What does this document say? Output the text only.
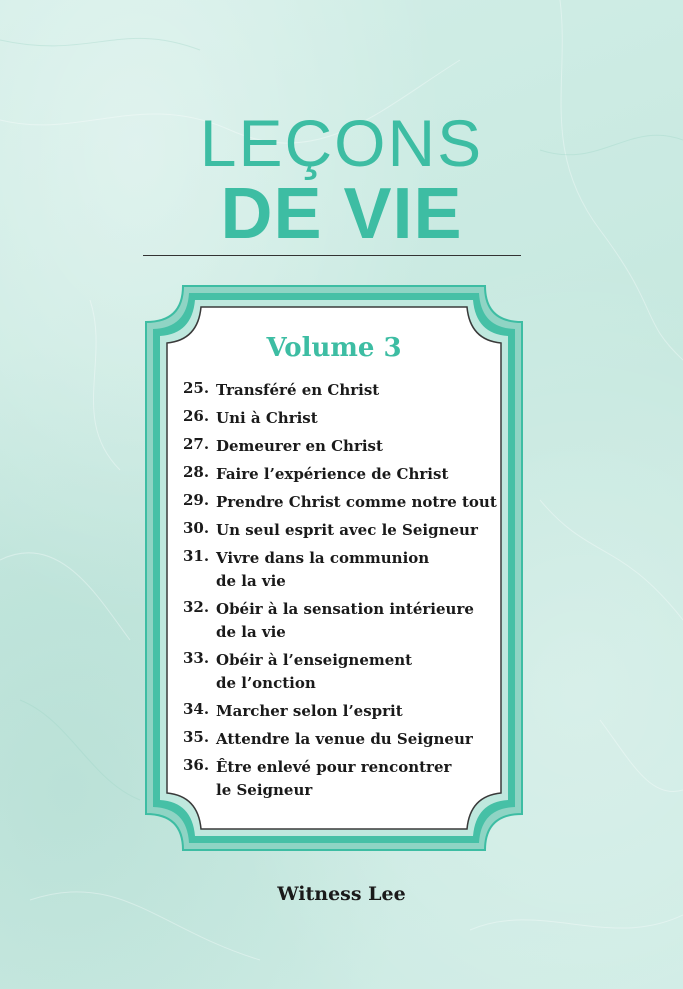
LEÇONS
DE VIE
Volume 3
25. Transféré en Christ
26. Uni à Christ
27. Demeurer en Christ
28. Faire l’expérience de Christ
29. Prendre Christ comme notre tout
30. Un seul esprit avec le Seigneur
31. Vivre dans la communion
de la vie
32. Obéir à la sensation intérieure
de la vie
33. Obéir à l’enseignement
de l’onction
34. Marcher selon l’esprit
35. Attendre la venue du Seigneur
36. Être enlevé pour rencontrer
le Seigneur
Witness Lee
